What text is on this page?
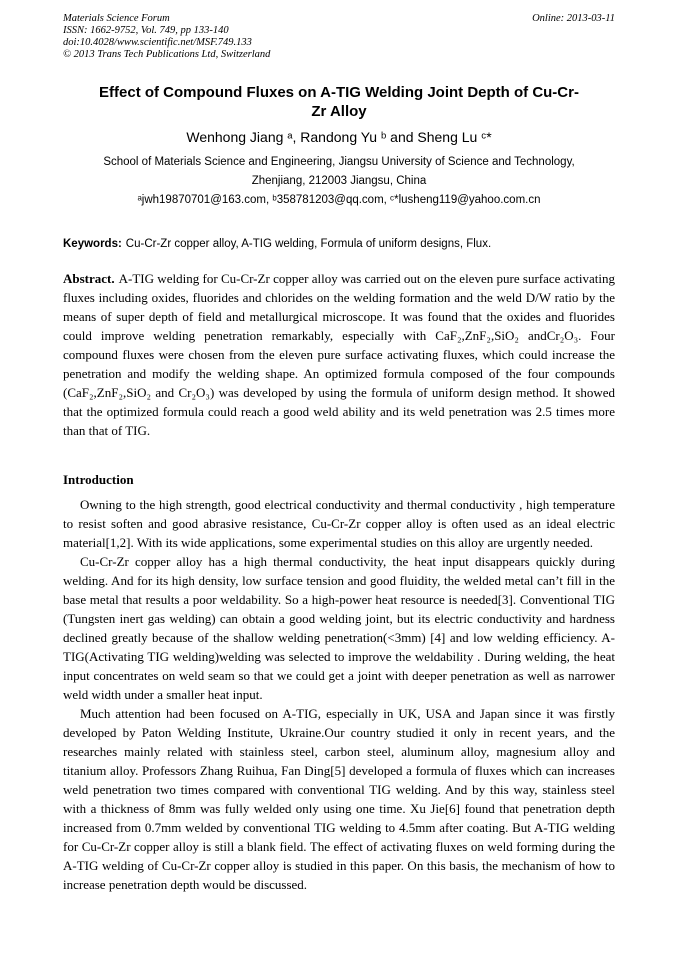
Materials Science Forum
ISSN: 1662-9752, Vol. 749, pp 133-140
doi:10.4028/www.scientific.net/MSF.749.133
© 2013 Trans Tech Publications Ltd, Switzerland
Online: 2013-03-11
Effect of Compound Fluxes on A-TIG Welding Joint Depth of Cu-Cr-Zr Alloy
Wenhong Jiang ᵃ, Randong Yu ᵇ and Sheng Lu ᶜ*
School of Materials Science and Engineering, Jiangsu University of Science and Technology,
Zhenjiang, 212003 Jiangsu, China
ᵃjwh19870701@163.com, ᵇ358781203@qq.com, ᶜ*lusheng119@yahoo.com.cn
Keywords: Cu-Cr-Zr copper alloy, A-TIG welding, Formula of uniform designs, Flux.
Abstract. A-TIG welding for Cu-Cr-Zr copper alloy was carried out on the eleven pure surface activating fluxes including oxides, fluorides and chlorides on the welding formation and the weld D/W ratio by the means of super depth of field and metallurgical microscope. It was found that the oxides and fluorides could improve welding penetration remarkably, especially with CaF₂,ZnF₂,SiO₂ andCr₂O₃. Four compound fluxes were chosen from the eleven pure surface activating fluxes, which could increase the penetration and modify the welding shape. An optimized formula composed of the four compounds (CaF₂,ZnF₂,SiO₂ and Cr₂O₃) was developed by using the formula of uniform design method. It showed that the optimized formula could reach a good weld ability and its weld penetration was 2.5 times more than that of TIG.
Introduction

Owning to the high strength, good electrical conductivity and thermal conductivity , high temperature to resist soften and good abrasive resistance, Cu-Cr-Zr copper alloy is often used as an ideal electric material[1,2]. With its wide applications, some experimental studies on this alloy are urgently needed.

Cu-Cr-Zr copper alloy has a high thermal conductivity, the heat input disappears quickly during welding. And for its high density, low surface tension and good fluidity, the welded metal can’t fill in the base metal that results a poor weldability. So a high-power heat resource is needed[3]. Conventional TIG (Tungsten inert gas welding) can obtain a good welding joint, but its electric conductivity and hardness declined greatly because of the shallow welding penetration(<3mm) [4] and low welding efficiency. A-TIG(Activating TIG welding)welding was selected to improve the weldability . During welding, the heat input concentrates on weld seam so that we could get a joint with deeper penetration as well as narrower weld width under a smaller heat input.

Much attention had been focused on A-TIG, especially in UK, USA and Japan since it was firstly developed by Paton Welding Institute, Ukraine.Our country studied it only in recent years, and the researches mainly related with stainless steel, carbon steel, aluminum alloy, magnesium alloy and titanium alloy. Professors Zhang Ruihua, Fan Ding[5] developed a formula of fluxes which can increases weld penetration two times compared with conventional TIG welding. And by this way, stainless steel with a thickness of 8mm was fully welded only using one time. Xu Jie[6] found that penetration depth increased from 0.7mm welded by conventional TIG welding to 4.5mm after coating. But A-TIG welding for Cu-Cr-Zr copper alloy is still a blank field. The effect of activating fluxes on weld forming during the A-TIG welding of Cu-Cr-Zr copper alloy is studied in this paper. On this basis, the mechanism of how to increase penetration depth would be discussed.
